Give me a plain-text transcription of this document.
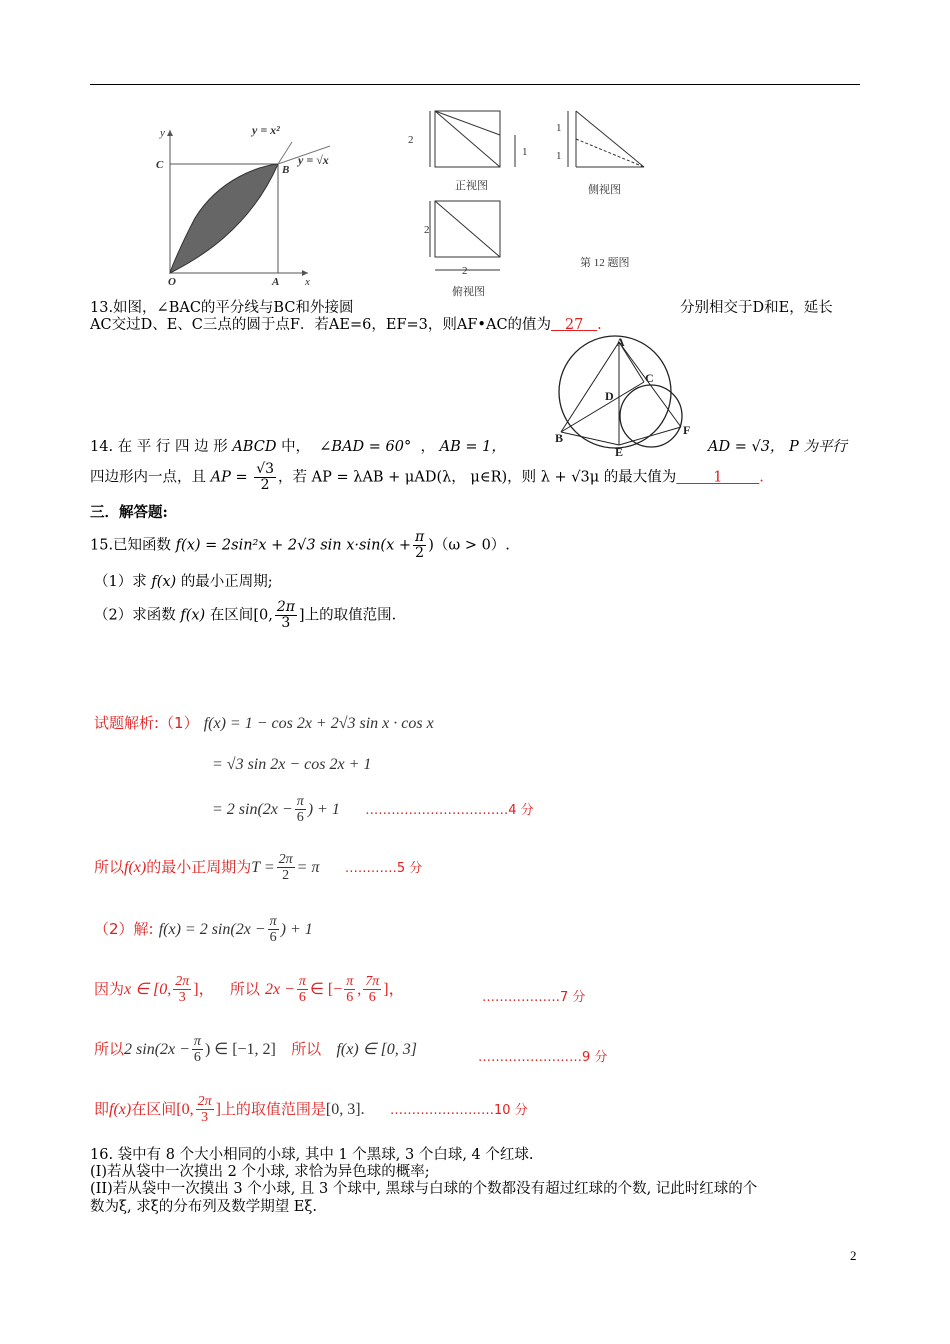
y
x
O	A
B
C
y = x²
y = √x
2
1
正视图
1
1
侧视图
2
2
俯视图
第 12 题图
13.如图，∠BAC的平分线与BC和外接圆	分别相交于D和E，延长
AC交过D、E、C三点的圆于点F．若AE=6，EF=3，则AF•AC的值为 27 .
A
C
D
B
E
F
14. 在 平 行 四 边 形 ABCD 中， ∠BAD = 60°  ， AB = 1，	AD = √3， P 为平行
四边形内一点，且 AP = $\frac{√3}{2}$ ，若 AP = λAB + μAD(λ， μ∈R)，则 λ + √3μ 的最大值为	1	.
三．解答题:
15.已知函数 f(x) = 2sin²x + 2√3 $\sin x\cdot\sin(x + \frac{\pi}{2} )(\omega > 0)$.
（1）求 f(x) 的最小正周期;
（2）求函数 f(x) 在区间[0, $\frac{2\pi}{3}$ ]上的取值范围.
试题解析:（1） f(x) = 1 − cos 2x + 2√3 sin x · cos x
= √3 sin 2x − cos 2x + 1
= 2 $\sin(2x - \frac{\pi}{6}$ ) + 1 ……………………………4 分
所以f(x)的最小正周期为$T = \frac{2\pi}{2} = \pi$ …………5 分
（2）解: f(x) = 2 $\sin(2x - \frac{\pi}{6}$ ) + 1
因为x ∈ [0, $\frac{2\pi}{3}$ ]， 所以 $2x - \frac{\pi}{6}$ ∈ [− $\frac{\pi}{6}$ , $\frac{7\pi}{6}$ ]，	………………7 分
所以2 $\sin(2x - \frac{\pi}{6}$ ) ∈ [−1, 2] 所以 f(x) ∈ [0, 3]	……………………9 分
即f(x)在区间[0, $\frac{2\pi}{3}$ ]上的取值范围是[0, 3]. ……………………10 分
16. 袋中有 8 个大小相同的小球, 其中 1 个黑球, 3 个白球, 4 个红球.
(I)若从袋中一次摸出 2 个小球, 求恰为异色球的概率;
(II)若从袋中一次摸出 3 个小球, 且 3 个球中, 黑球与白球的个数都没有超过红球的个数, 记此时红球的个
数为ξ, 求ξ的分布列及数学期望 Eξ.
2
